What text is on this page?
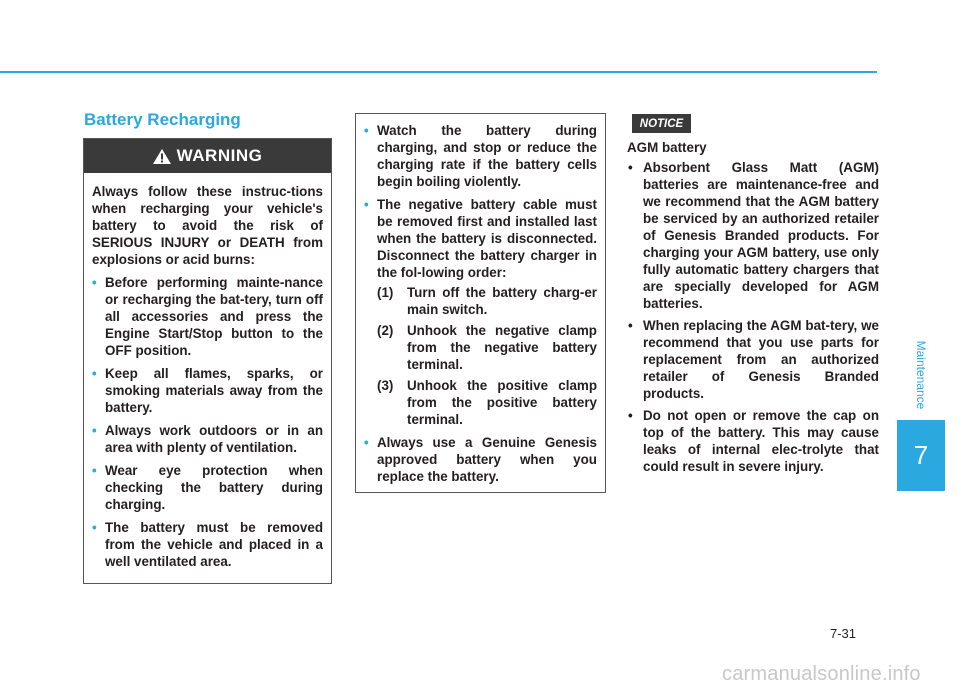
Battery Recharging
WARNING

Always follow these instruc-tions when recharging your vehicle's battery to avoid the risk of SERIOUS INJURY or DEATH from explosions or acid burns:

• Before performing mainte-nance or recharging the bat-tery, turn off all accessories and press the Engine Start/Stop button to the OFF position.
• Keep all flames, sparks, or smoking materials away from the battery.
• Always work outdoors or in an area with plenty of ventilation.
• Wear eye protection when checking the battery during charging.
• The battery must be removed from the vehicle and placed in a well ventilated area.
• Watch the battery during charging, and stop or reduce the charging rate if the battery cells begin boiling violently.
• The negative battery cable must be removed first and installed last when the battery is disconnected. Disconnect the battery charger in the fol-lowing order:
(1) Turn off the battery charg-er main switch.
(2) Unhook the negative clamp from the negative battery terminal.
(3) Unhook the positive clamp from the positive battery terminal.
• Always use a Genuine Genesis approved battery when you replace the battery.
NOTICE

AGM battery

• Absorbent Glass Matt (AGM) batteries are maintenance-free and we recommend that the AGM battery be serviced by an authorized retailer of Genesis Branded products. For charging your AGM battery, use only fully automatic battery chargers that are specially developed for AGM batteries.
• When replacing the AGM bat-tery, we recommend that you use parts for replacement from an authorized retailer of Genesis Branded products.
• Do not open or remove the cap on top of the battery. This may cause leaks of internal elec-trolyte that could result in severe injury.
Maintenance
7
7-31
carmanualsonline.info
